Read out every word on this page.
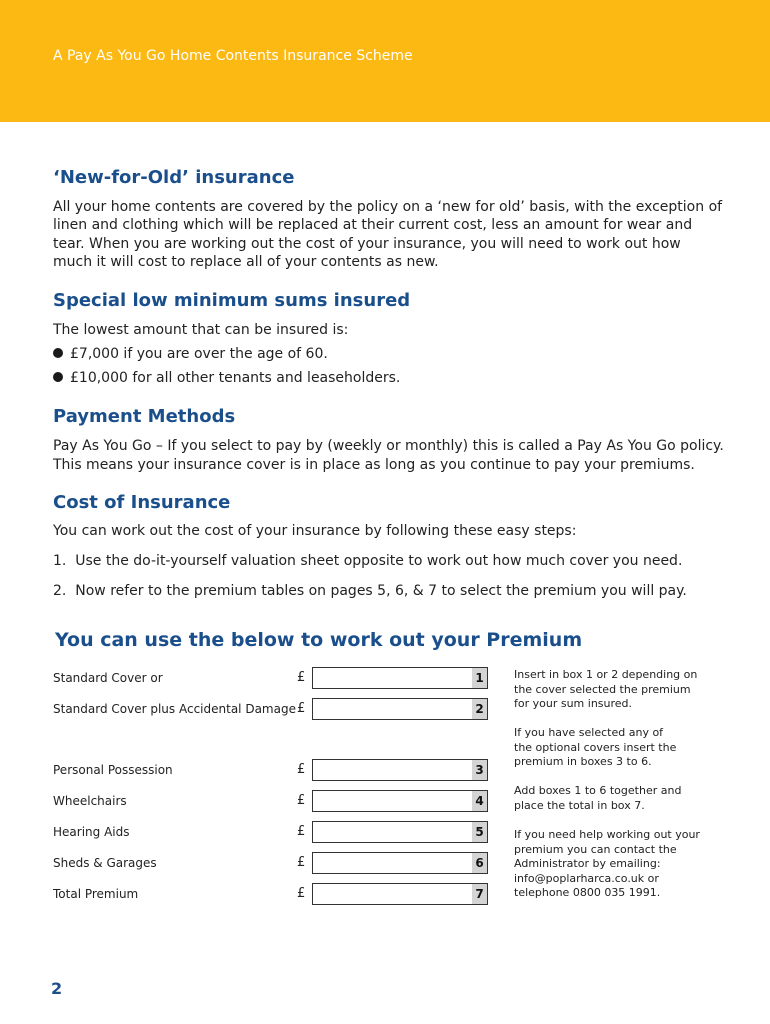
A Pay As You Go Home Contents Insurance Scheme
‘New-for-Old’ insurance
All your home contents are covered by the policy on a ‘new for old’ basis, with the exception of
linen and clothing which will be replaced at their current cost, less an amount for wear and
tear. When you are working out the cost of your insurance, you will need to work out how
much it will cost to replace all of your contents as new.
Special low minimum sums insured
The lowest amount that can be insured is:
£7,000 if you are over the age of 60.
£10,000 for all other tenants and leaseholders.
Payment Methods
Pay As You Go – If you select to pay by (weekly or monthly) this is called a Pay As You Go policy.
This means your insurance cover is in place as long as you continue to pay your premiums.
Cost of Insurance
You can work out the cost of your insurance by following these easy steps:
1.  Use the do-it-yourself valuation sheet opposite to work out how much cover you need.
2.  Now refer to the premium tables on pages 5, 6, & 7 to select the premium you will pay.
You can use the below to work out your Premium
Standard Cover or	£	1
Standard Cover plus Accidental Damage £	2
Personal Possession	£	3
Wheelchairs	£	4
Hearing Aids	£	5
Sheds & Garages	£	6
Total Premium	£	7
Insert in box 1 or 2 depending on
the cover selected the premium
for your sum insured.
If you have selected any of
the optional covers insert the
premium in boxes 3 to 6.
Add boxes 1 to 6 together and
place the total in box 7.
If you need help working out your
premium you can contact the
Administrator by emailing:
info@poplarharca.co.uk or
telephone 0800 035 1991.
2
